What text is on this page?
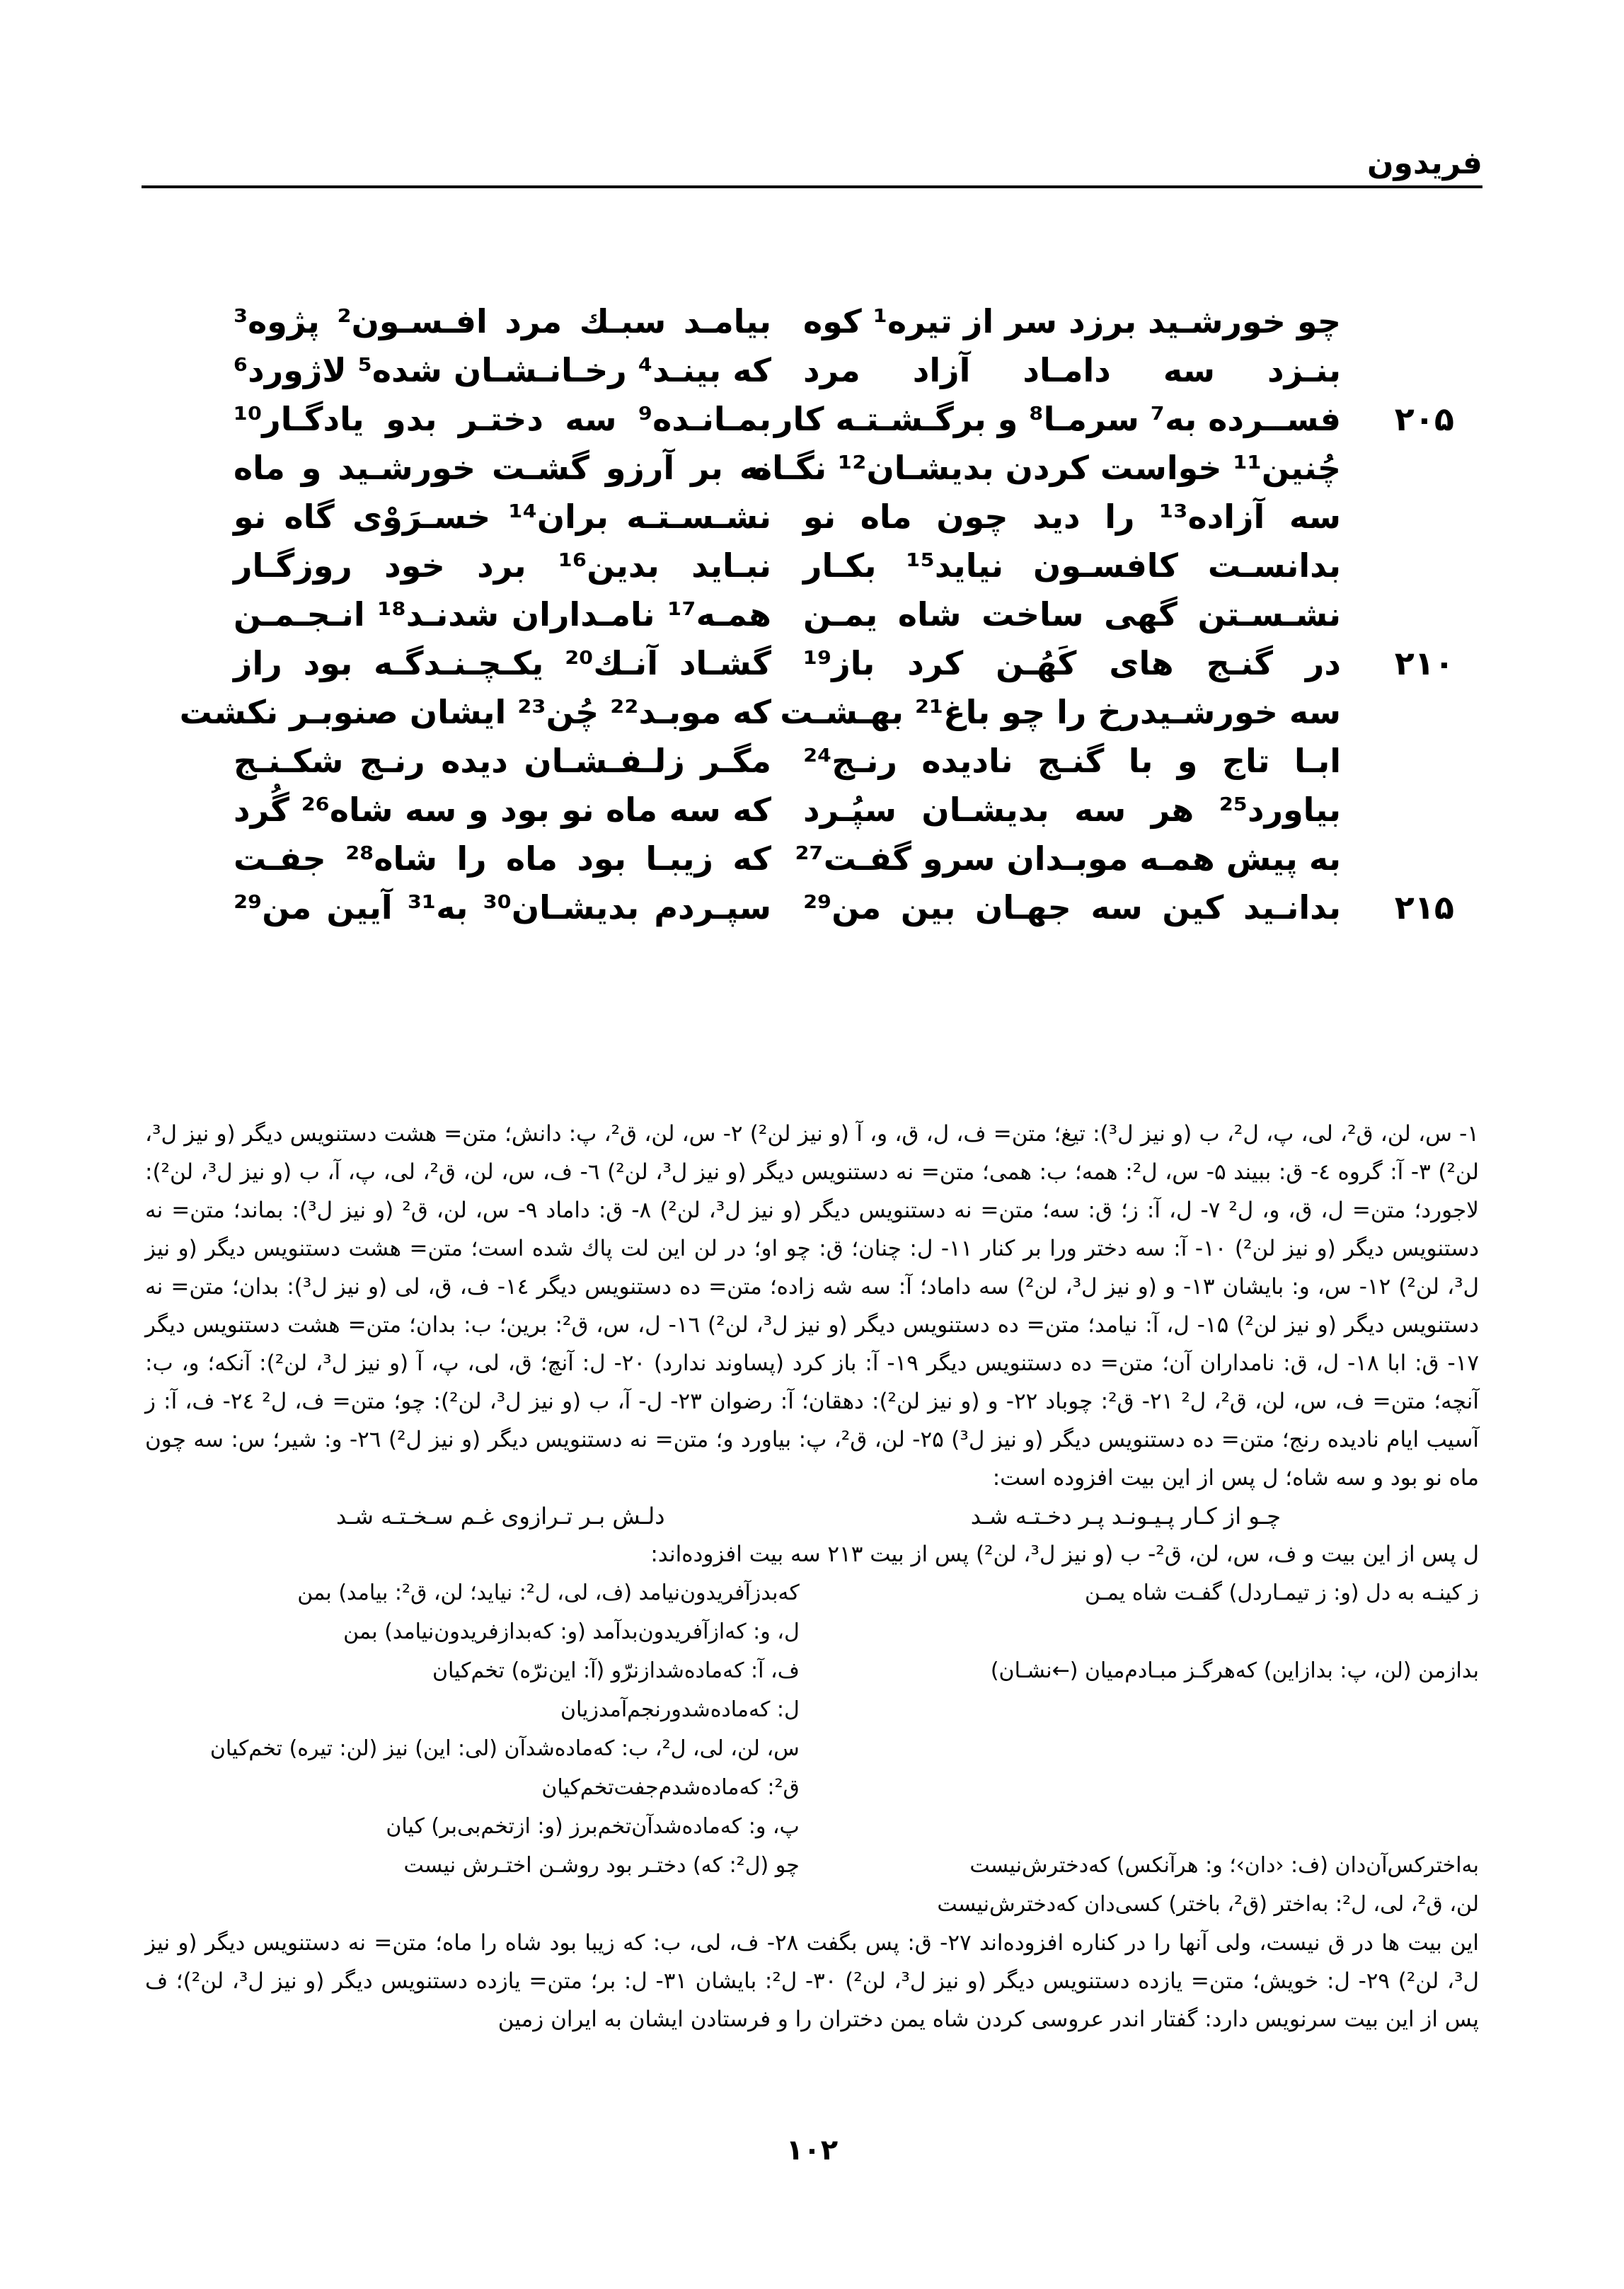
فریدون
چو خورشـید برزد سر از تیره¹ کوه
بنـزد سه دامـاد آزاد مرد
فســرده به⁷ سرمـا⁸ و برگـشـتـه کار ۲۰۵
چُنین¹¹ خواست کردن بدیشـان¹² نگـاه
سه آزاده¹³ را دید چون ماه نو
بدانسـت کافسـون نیاید¹⁵ بکـار
نشـسـتن گهی ساخت شاه یمـن
در گنـج های کَهُـن کرد باز¹⁹ ۲۱۰
سه خورشـیدرخ را چو باغ²¹ بهـشـت
ابـا تاج و با گنـج نادیده رنـج²⁴
بیاورد²⁵ هر سه بدیشـان سپُـرد
به پیش همـه موبـدان سرو گفـت²⁷
بدانـید کین سه جهـان بین من²⁹ ۲۱۵
بیامـد سبـك مرد افـسـون² پژوه³
که بینـد⁴ رخـانـشـان شده⁵ لاژورد⁶
بمـانـده⁹ سه دختـر بدو یادگـار¹⁰
نه بر آرزو گشـت خورشـید و ماه
نشـسـتـه بران¹⁴ خسـرَوْی گاه نو
نبـاید بدین¹⁶ برد خود روزگـار
همـه¹⁷ نامـداران شدنـد¹⁸ انـجـمـن
گشـاد آنـك²⁰ یکـچـنـدگـه بود راز
که موبـد²² چُن²³ ایشان صنوبـر نکشت
مگـر زلـفـشـان دیده رنـج شکـنـج
که سه ماه نو بود و سه شاه²⁶ گُرد
که زیبـا بود ماه را شاه²⁸ جفـت
سپـردم بدیشـان³⁰ به³¹ آیین من²⁹

۱- س، لن، ق²، لی، پ، ل²، ب (و نیز ل³): تیغ؛ متن= ف، ل، ق، و، آ (و نیز لن²) ۲- س، لن، ق²، پ: دانش؛ متن= هشت دستنویس دیگر (و نیز ل³، لن²) ۳- آ: گروه ٤- ق: ببیند ۵- س، ل²: همه؛ ب: همی؛ متن= نه دستنویس دیگر (و نیز ل³، لن²) ٦- ف، س، لن، ق²، لی، پ، آ، ب (و نیز ل³، لن²): لاجورد؛ متن= ل، ق، و، ل² ۷- ل، آ: ز؛ ق: سه؛ متن= نه دستنویس دیگر (و نیز ل³، لن²) ۸- ق: داماد ۹- س، لن، ق² (و نیز ل³): بماند؛ متن= نه دستنویس دیگر (و نیز لن²) ۱۰- آ: سه دختر ورا بر کنار ۱۱- ل: چنان؛ ق: چو او؛ در لن این لت پاك شده است؛ متن= هشت دستنویس دیگر (و نیز ل³، لن²) ۱۲- س، و: بایشان ۱۳- و (و نیز ل³، لن²) سه داماد؛ آ: سه شه زاده؛ متن= ده دستنویس دیگر ۱٤- ف، ق، لی (و نیز ل³): بدان؛ متن= نه دستنویس دیگر (و نیز لن²) ۱۵- ل، آ: نیامد؛ متن= ده دستنویس دیگر (و نیز ل³، لن²) ۱٦- ل، س، ق²: برین؛ ب: بدان؛ متن= هشت دستنویس دیگر ۱۷- ق: ابا ۱۸- ل، ق: نامداران آن؛ متن= ده دستنویس دیگر ۱۹- آ: باز کرد (پساوند ندارد) ۲۰- ل: آنچ؛ ق، لی، پ، آ (و نیز ل³، لن²): آنکه؛ و، ب: آنچه؛ متن= ف، س، لن، ق²، ل² ۲۱- ق²: چوباد ۲۲- و (و نیز لن²): دهقان؛ آ: رضوان ۲۳- ل- آ، ب (و نیز ل³، لن²): چو؛ متن= ف، ل² ۲٤- ف، آ: ز آسیب ایام نادیده رنج؛ متن= ده دستنویس دیگر (و نیز ل³) ۲۵- لن، ق²، پ: بیاورد و؛ متن= نه دستنویس دیگر (و نیز ل²) ۲٦- و: شیر؛ س: سه چون ماه نو بود و سه شاه؛ ل پس از این بیت افزوده است:

چـو از کـار پـیـونـد پـر دخـتـه شـد
دلـش بـر تـرازوی غـم سـخـتـه شـد

ل پس از این بیت و ف، س، لن، ق²- ب (و نیز ل³، لن²) پس از بیت ۲۱۳ سه بیت افزوده‌اند:

ز کینـه به دل (و: ز تیمـاردل) گفـت شاه یمـن
بدازمن (لن، پ: بدازاین) که‌هرگـز مبـادم‌میان (←نشـان)
به‌اخترکس‌آن‌دان (ف: ‹دان›؛ و: هرآنکس) که‌دخترش‌نیست
لن، ق²، لی، ل²: به‌اختر (ق²، باختر) کسی‌دان که‌دخترش‌نیست
که‌بدزآفریدون‌نیامد (ف، لی، ل²: نیاید؛ لن، ق²: بیامد) بمن
ل، و: که‌ازآفریدون‌بدآمد (و: که‌بدازفریدون‌نیامد) بمن
ف، آ: که‌ماده‌شدازنرّو (آ: این‌نرّه) تخم‌کیان
ل: که‌ماده‌شدورنجم‌آمدزیان
س، لن، لی، ل²، ب: که‌ماده‌شدآن (لی: این) نیز (لن: تیره) تخم‌کیان
ق²: که‌ماده‌شدم‌جفت‌تخم‌کیان
پ، و: که‌ماده‌شدآن‌تخم‌برز (و: ازتخم‌بی‌بر) کیان
چو (ل²: که) دختـر بود روشـن اختـرش نیست

این بیت ها در ق نیست، ولی آنها را در کناره افزوده‌اند ۲۷- ق: پس بگفت ۲۸- ف، لی، ب: که زیبا بود شاه را ماه؛ متن= نه دستنویس دیگر (و نیز ل³، لن²) ۲۹- ل: خویش؛ متن= یازده دستنویس دیگر (و نیز ل³، لن²) ۳۰- ل²: بایشان ۳۱- ل: بر؛ متن= یازده دستنویس دیگر (و نیز ل³، لن²)؛ ف پس از این بیت سرنویس دارد: گفتار اندر عروسی کردن شاه یمن دختران را و فرستادن ایشان به ایران زمین

۱۰۲
